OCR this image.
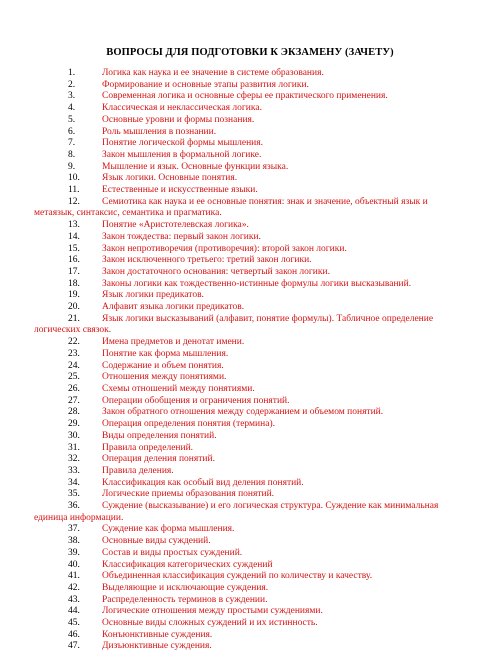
ВОПРОСЫ ДЛЯ ПОДГОТОВКИ К ЭКЗАМЕНУ (ЗАЧЕТУ)
1.	Логика как наука и ее значение в системе образования.
2.	Формирование и основные этапы развития логики.
3.	Современная логика и основные сферы ее практического применения.
4.	Классическая и неклассическая логика.
5.	Основные уровни и формы познания.
6.	Роль мышления в познании.
7.	Понятие логической формы мышления.
8.	Закон мышления в формальной логике.
9.	Мышление и язык. Основные функции языка.
10.	Язык логики. Основные понятия.
11.	Естественные и искусственные языки.
12.	Семиотика как наука и ее основные понятия: знак и значение, объектный язык и
метаязык, синтаксис, семантика и прагматика.
13.	Понятие «Аристотелевская логика».
14.	Закон тождества: первый закон логики.
15.	Закон непротиворечия (противоречия): второй закон логики.
16.	Закон исключенного третьего: третий закон логики.
17.	Закон достаточного основания: четвертый закон логики.
18.	Законы логики как тождественно-истинные формулы логики высказываний.
19.	Язык логики предикатов.
20.	Алфавит языка логики предикатов.
21.	Язык логики высказываний (алфавит, понятие формулы). Табличное определение
логических связок.
22.	Имена предметов и денотат имени.
23.	Понятие как форма мышления.
24.	Содержание и объем понятия.
25.	Отношения между понятиями.
26.	Схемы отношений между понятиями.
27.	Операции обобщения и ограничения понятий.
28.	Закон обратного отношения между содержанием и объемом понятий.
29.	Операция определения понятия (термина).
30.	Виды определения понятий.
31.	Правила определений.
32.	Операция деления понятий.
33.	Правила деления.
34.	Классификация как особый вид деления понятий.
35.	Логические приемы образования понятий.
36.	Суждение (высказывание) и его логическая структура. Суждение как минимальная
единица информации.
37.	Суждение как форма мышления.
38.	Основные виды суждений.
39.	Состав и виды простых суждений.
40.	Классификация категорических суждений
41.	Объединенная классификация суждений по количеству и качеству.
42.	Выделяющие и исключающие суждения.
43.	Распределенность терминов в суждении.
44.	Логические отношения между простыми суждениями.
45.	Основные виды сложных суждений и их истинность.
46.	Конъюнктивные суждения.
47.	Дизъюнктивные суждения.
